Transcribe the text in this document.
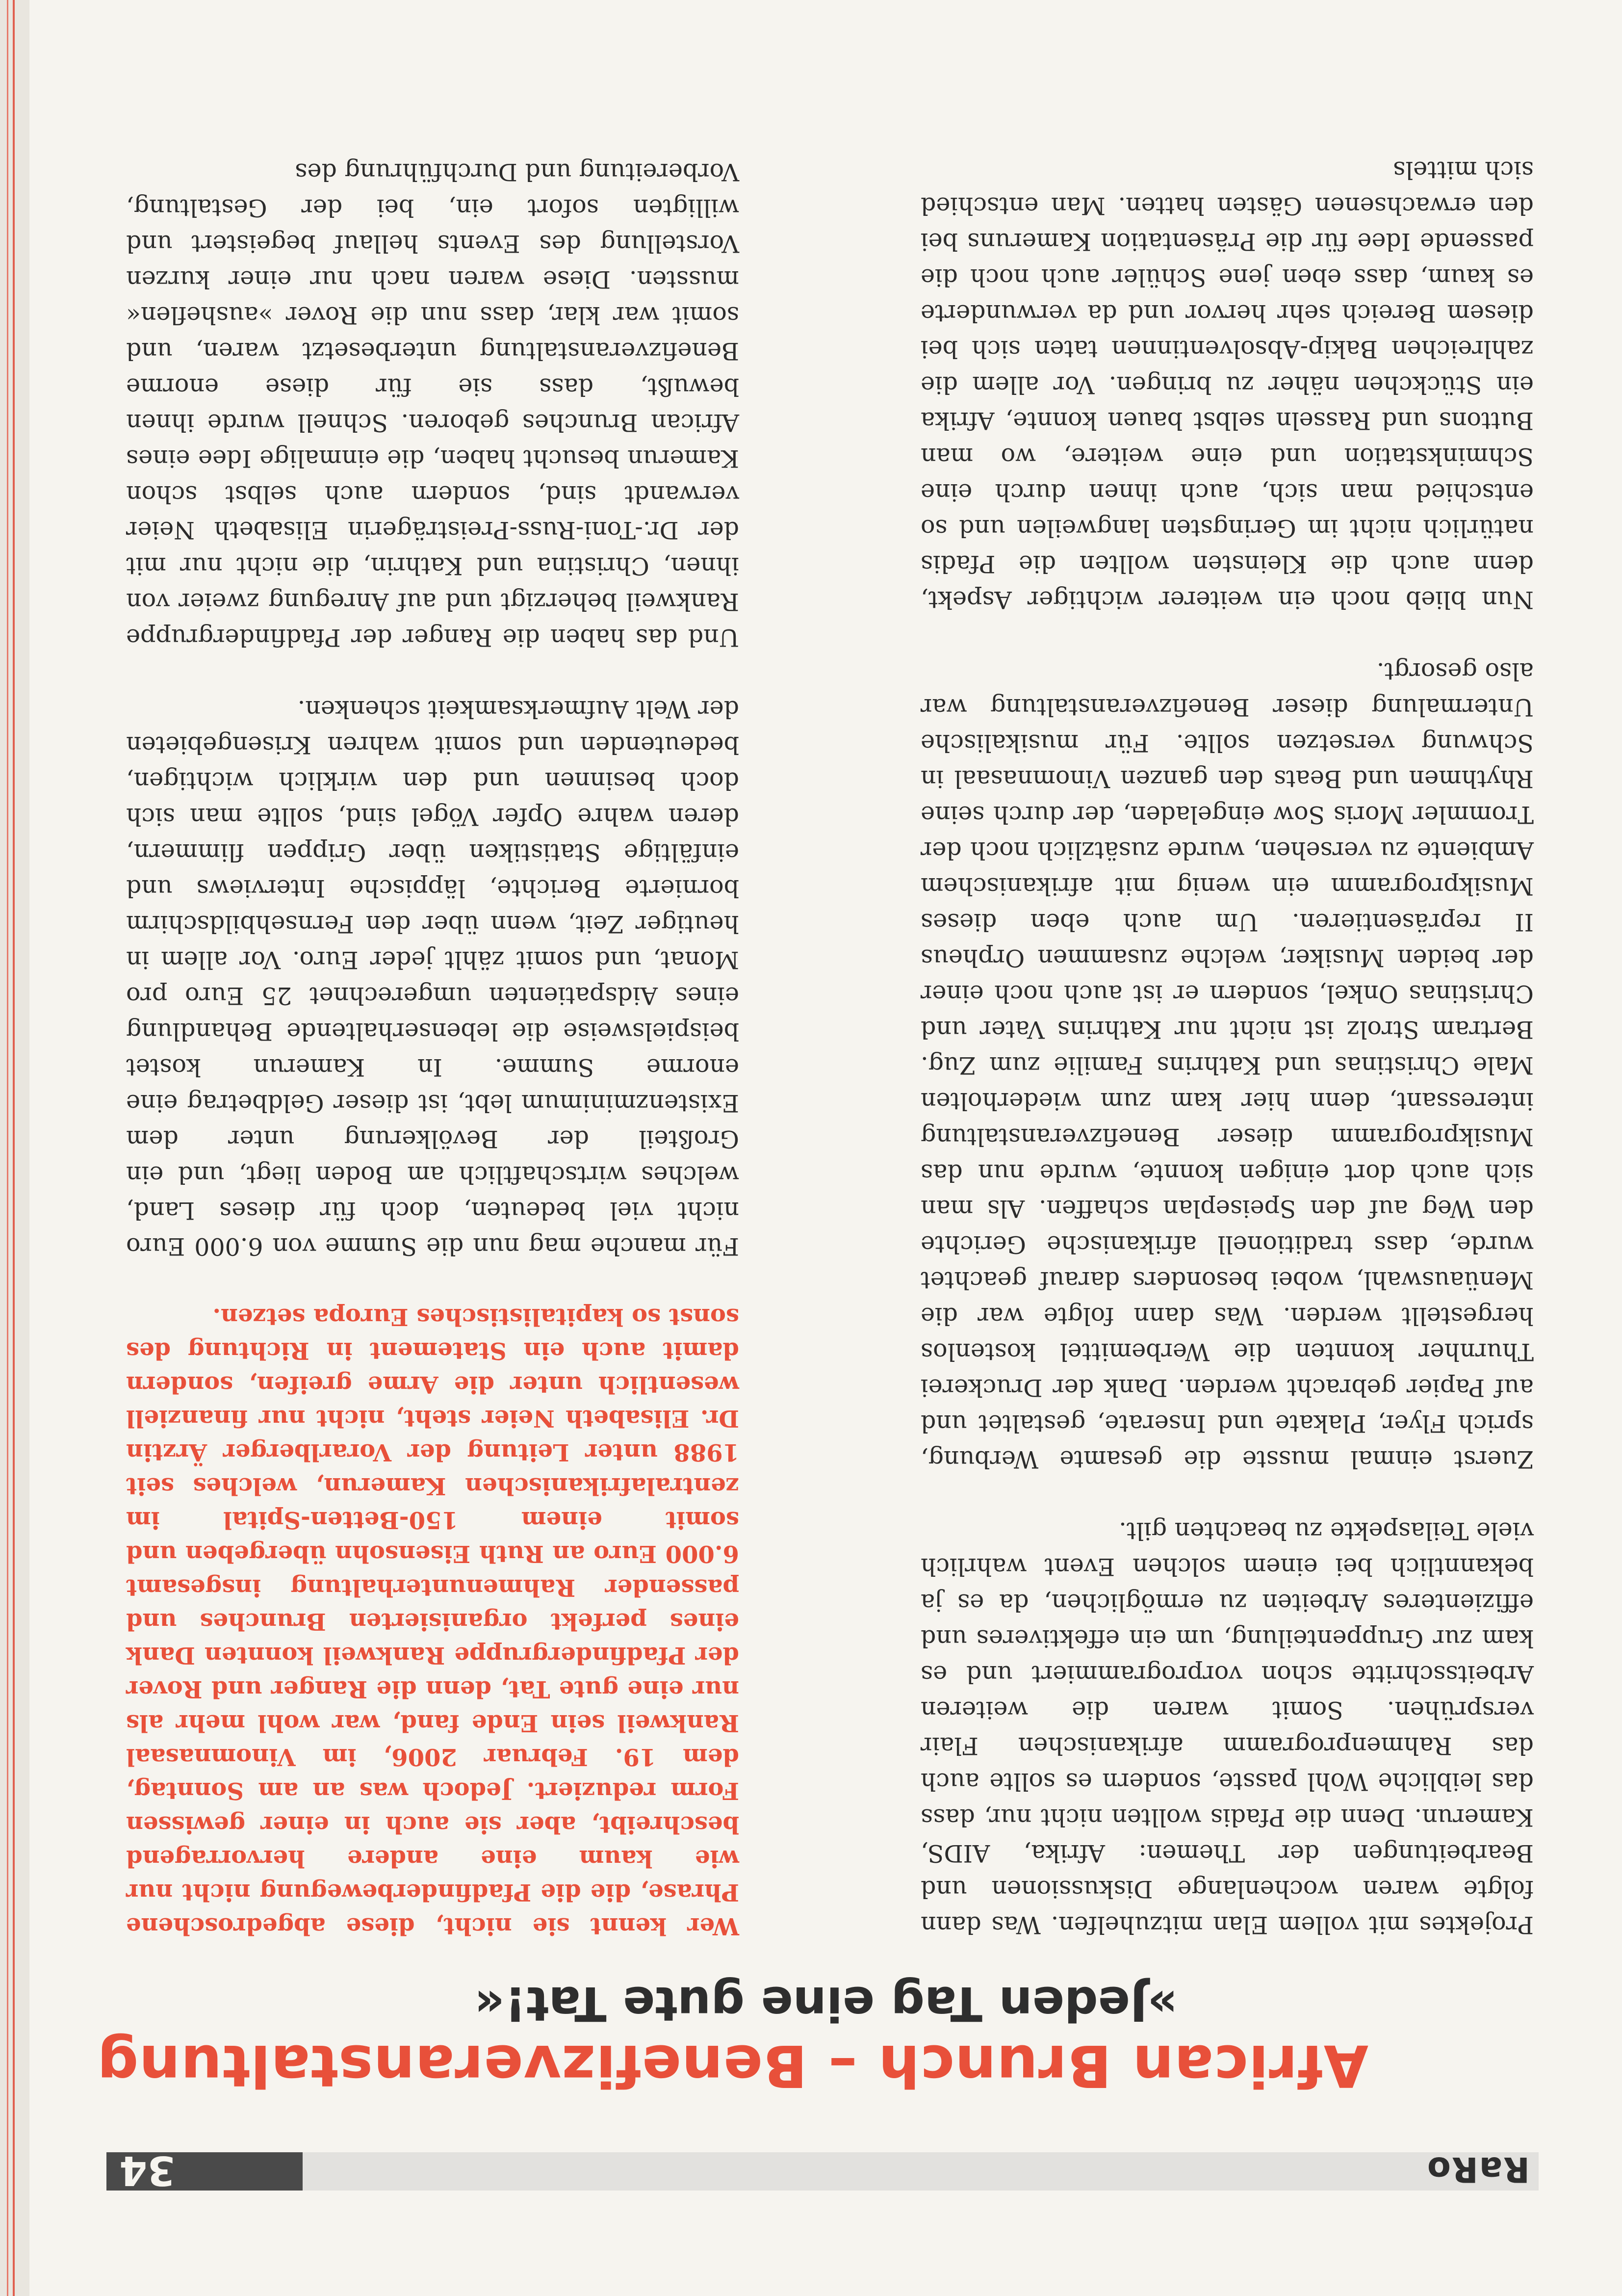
RaRo
34
African Brunch – Benefizveranstaltung
»Jeden Tag eine gute Tat!«

Wer kennt sie nicht, diese abgedroschene Phrase, die die Pfadfinderbewegung nicht nur wie kaum eine andere hervorragend beschreibt, aber sie auch in einer gewissen Form reduziert. Jedoch was an am Sonntag, dem 19. Februar 2006, im Vinomnasaal Rankweil sein Ende fand, war wohl mehr als nur eine gute Tat, denn die Ranger und Rover der Pfadfindergruppe Rankweil konnten Dank eines perfekt organisierten Brunches und passender Rahmenunterhaltung insgesamt 6.000 Euro an Ruth Eisensohn übergeben und somit einem 150-Betten-Spital im zentralafrikanischen Kamerun, welches seit 1988 unter Leitung der Vorarlberger Ärztin Dr. Elisabeth Neier steht, nicht nur finanziell wesentlich unter die Arme greifen, sondern damit auch ein Statement in Richtung des sonst so kapitalistisches Europa setzen.

Für manche mag nun die Summe von 6.000 Euro nicht viel bedeuten, doch für dieses Land, welches wirtschaftlich am Boden liegt, und ein Großteil der Bevölkerung unter dem Existenzminimum lebt, ist dieser Geldbetrag eine enorme Summe. In Kamerun kostet beispielsweise die lebenserhaltende Behandlung eines Aidspatienten umgerechnet 25 Euro pro Monat, und somit zählt jeder Euro. Vor allem in heutiger Zeit, wenn über den Fernsehbildschirm bornierte Berichte, läppische Interviews und einfältige Statistiken über Grippen flimmern, deren wahre Opfer Vögel sind, sollte man sich doch besinnen und den wirklich wichtigen, bedeutenden und somit wahren Krisengebieten der Welt Aufmerksamkeit schenken.

Und das haben die Ranger der Pfadfindergruppe Rankweil beherzigt und auf Anregung zweier von ihnen, Christina und Kathrin, die nicht nur mit der Dr.-Toni-Russ-Preisträgerin Elisabeth Neier verwandt sind, sondern auch selbst schon Kamerun besucht haben, die einmalige Idee eines African Brunches geboren. Schnell wurde ihnen bewußt, dass sie für diese enorme Benefizveranstaltung unterbesetzt waren, und somit war klar, dass nun die Rover »ausheflen« mussten. Diese waren nach nur einer kurzen Vorstellung des Events hellauf begeistert und willigten sofort ein, bei der Gestaltung, Vorbereitung und Durchführung des

Projektes mit vollem Elan mitzuhelfen. Was dann folgte waren wochenlange Diskussionen und Bearbeitungen der Themen: Afrika, AIDS, Kamerun. Denn die Pfadis wollten nicht nur, dass das leibliche Wohl passte, sondern es sollte auch das Rahmenprogramm afrikanischen Flair versprühen. Somit waren die weiteren Arbeitsschritte schon vorprogrammiert und es kam zur Gruppenteilung, um ein effektiveres und effizienteres Arbeiten zu ermöglichen, da es ja bekanntlich bei einem solchen Event wahrlich viele Teilaspekte zu beachten gilt.

Zuerst einmal musste die gesamte Werbung, sprich Flyer, Plakate und Inserate, gestaltet und auf Papier gebracht werden. Dank der Druckerei Thurnher konnten die Werbemittel kostenlos hergestellt werden. Was dann folgte war die Menüauswahl, wobei besonders darauf geachtet wurde, dass traditionell afrikanische Gerichte den Weg auf den Speiseplan schaffen. Als man sich auch dort einigen konnte, wurde nun das Musikprogramm dieser Benefizveranstaltung interessant, denn hier kam zum wiederholten Male Christinas und Kathrins Familie zum Zug. Bertram Strolz ist nicht nur Kathrins Vater und Christinas Onkel, sondern er ist auch noch einer der beiden Musiker, welche zusammen Orpheus II repräsentieren. Um auch eben dieses Musikprogramm ein wenig mit afrikanischem Ambiente zu versehen, wurde zusätzlich noch der Trommler Moris Sow eingeladen, der durch seine Rhythmen und Beats den ganzen Vinomnasaal in Schwung versetzen sollte. Für musikalische Untermalung dieser Benefizveranstaltung war also gesorgt.

Nun blieb noch ein weiterer wichtiger Aspekt, denn auch die Kleinsten wollten die Pfadis natürlich nicht im Geringsten langweilen und so entschied man sich, auch ihnen durch eine Schminkstation und eine weitere, wo man Buttons und Rasseln selbst bauen konnte, Afrika ein Stückchen näher zu bringen. Vor allem die zahlreichen Bakip-Absolventinnen taten sich bei diesem Bereich sehr hervor und da verwunderte es kaum, dass eben jene Schüler auch noch die passende Idee für die Präsentation Kameruns bei den erwachsenen Gästen hatten. Man entschied sich mittels
